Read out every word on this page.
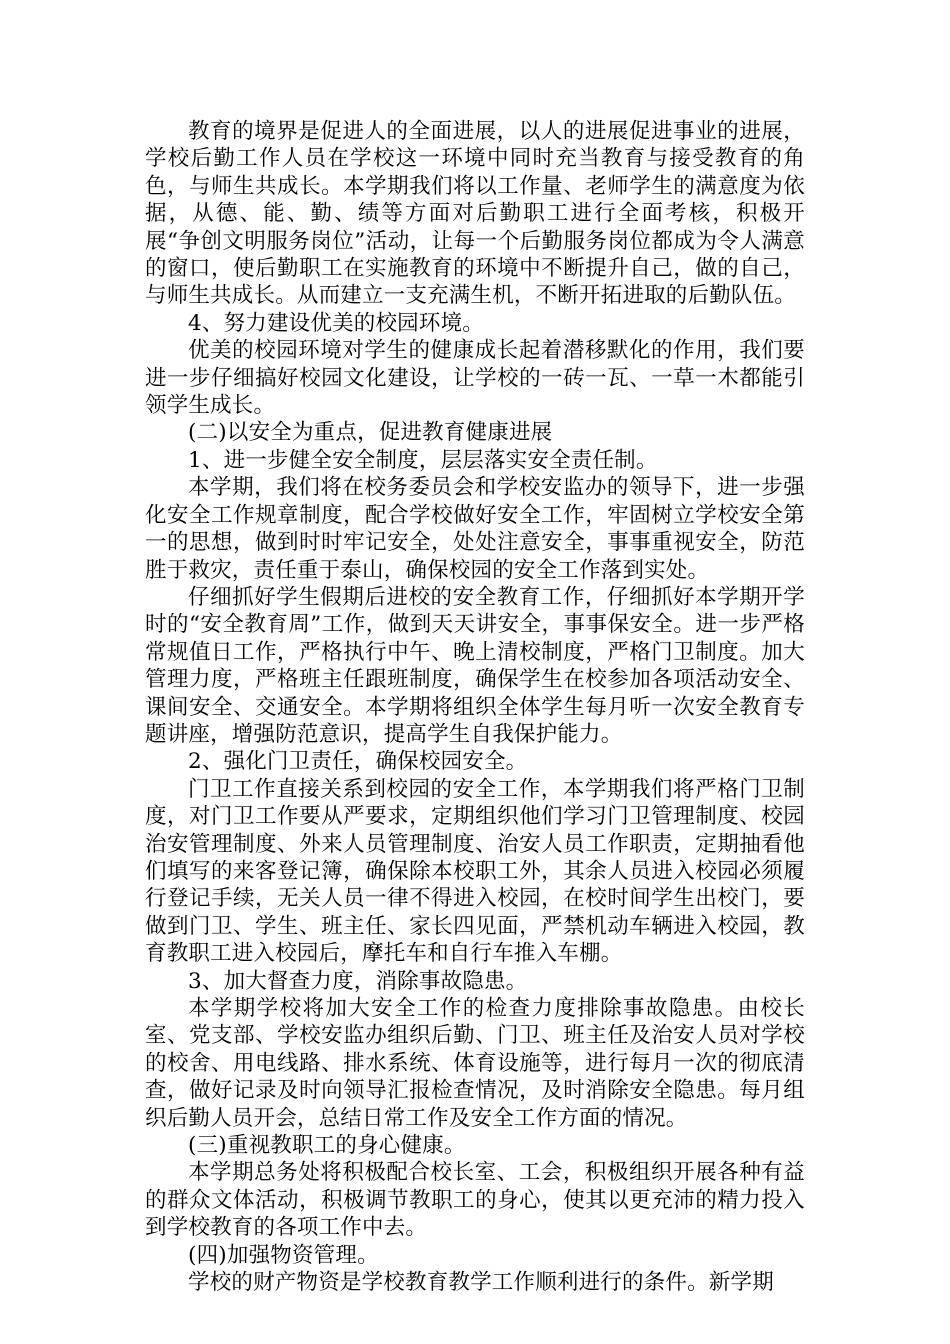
教育的境界是促进人的全面进展，以人的进展促进事业的进展，学校后勤工作人员在学校这一环境中同时充当教育与接受教育的角色，与师生共成长。本学期我们将以工作量、老师学生的满意度为依据，从德、能、勤、绩等方面对后勤职工进行全面考核，积极开展“争创文明服务岗位”活动，让每一个后勤服务岗位都成为令人满意的窗口，使后勤职工在实施教育的环境中不断提升自己，做的自己，与师生共成长。从而建立一支充满生机，不断开拓进取的后勤队伍。

4、努力建设优美的校园环境。

优美的校园环境对学生的健康成长起着潜移默化的作用，我们要进一步仔细搞好校园文化建设，让学校的一砖一瓦、一草一木都能引领学生成长。

(二)以安全为重点，促进教育健康进展

1、进一步健全安全制度，层层落实安全责任制。

本学期，我们将在校务委员会和学校安监办的领导下，进一步强化安全工作规章制度，配合学校做好安全工作，牢固树立学校安全第一的思想，做到时时牢记安全，处处注意安全，事事重视安全，防范胜于救灾，责任重于泰山，确保校园的安全工作落到实处。

仔细抓好学生假期后进校的安全教育工作，仔细抓好本学期开学时的“安全教育周”工作，做到天天讲安全，事事保安全。进一步严格常规值日工作，严格执行中午、晚上清校制度，严格门卫制度。加大管理力度，严格班主任跟班制度，确保学生在校参加各项活动安全、课间安全、交通安全。本学期将组织全体学生每月听一次安全教育专题讲座，增强防范意识，提高学生自我保护能力。

2、强化门卫责任，确保校园安全。

门卫工作直接关系到校园的安全工作，本学期我们将严格门卫制度，对门卫工作要从严要求，定期组织他们学习门卫管理制度、校园治安管理制度、外来人员管理制度、治安人员工作职责，定期抽看他们填写的来客登记簿，确保除本校职工外，其余人员进入校园必须履行登记手续，无关人员一律不得进入校园，在校时间学生出校门，要做到门卫、学生、班主任、家长四见面，严禁机动车辆进入校园，教育教职工进入校园后，摩托车和自行车推入车棚。

3、加大督查力度，消除事故隐患。

本学期学校将加大安全工作的检查力度排除事故隐患。由校长室、党支部、学校安监办组织后勤、门卫、班主任及治安人员对学校的校舍、用电线路、排水系统、体育设施等，进行每月一次的彻底清查，做好记录及时向领导汇报检查情况，及时消除安全隐患。每月组织后勤人员开会，总结日常工作及安全工作方面的情况。

(三)重视教职工的身心健康。

本学期总务处将积极配合校长室、工会，积极组织开展各种有益的群众文体活动，积极调节教职工的身心，使其以更充沛的精力投入到学校教育的各项工作中去。

(四)加强物资管理。

学校的财产物资是学校教育教学工作顺利进行的条件。新学期
